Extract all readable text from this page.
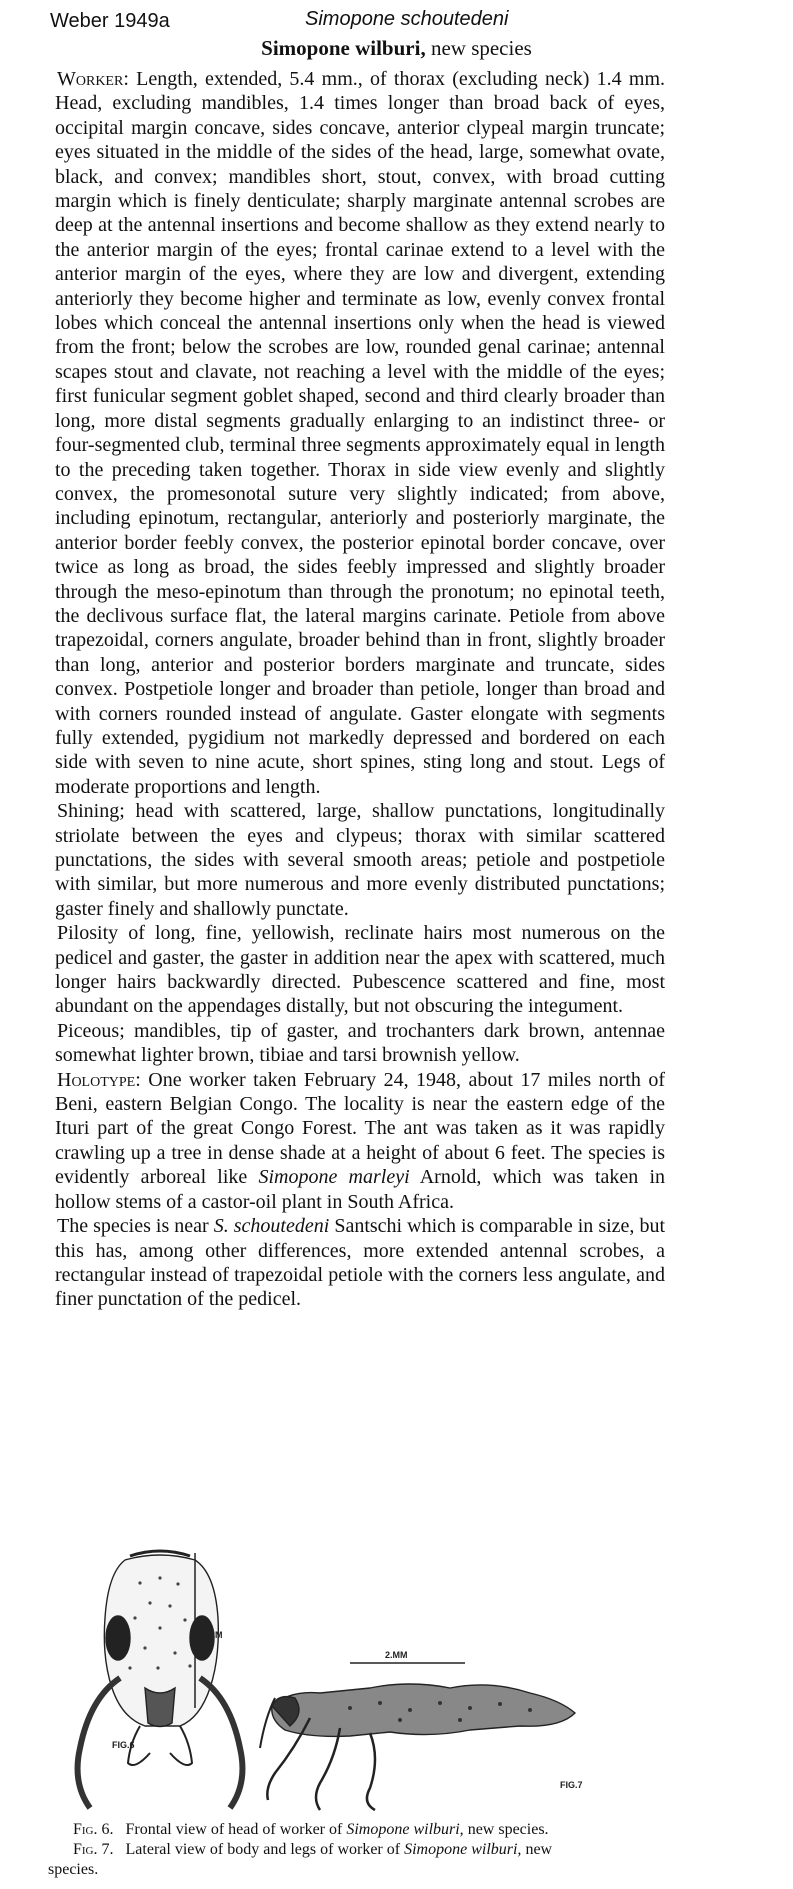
Weber 1949a	Simopone schoutedeni
Simopone wilburi, new species

Worker: Length, extended, 5.4 mm., of thorax (excluding neck) 1.4 mm. Head, excluding mandibles, 1.4 times longer than broad back of eyes, occipital margin concave, sides concave, anterior clypeal margin truncate; eyes situated in the middle of the sides of the head, large, somewhat ovate, black, and convex; mandibles short, stout, convex, with broad cutting margin which is finely denticulate; sharply marginate antennal scrobes are deep at the antennal insertions and become shallow as they extend nearly to the anterior margin of the eyes; frontal carinae extend to a level with the anterior margin of the eyes, where they are low and divergent, extending anteriorly they become higher and terminate as low, evenly convex frontal lobes which conceal the antennal insertions only when the head is viewed from the front; below the scrobes are low, rounded genal carinae; antennal scapes stout and clavate, not reaching a level with the middle of the eyes; first funicular segment goblet shaped, second and third clearly broader than long, more distal segments gradually enlarging to an indistinct three- or four-segmented club, terminal three segments approximately equal in length to the preceding taken together. Thorax in side view evenly and slightly convex, the promesonotal suture very slightly indicated; from above, including epinotum, rectangular, anteriorly and posteriorly marginate, the anterior border feebly convex, the posterior epinotal border concave, over twice as long as broad, the sides feebly impressed and slightly broader through the meso-epinotum than through the pronotum; no epinotal teeth, the declivous surface flat, the lateral margins carinate. Petiole from above trapezoidal, corners angulate, broader behind than in front, slightly broader than long, anterior and posterior borders marginate and truncate, sides convex. Postpetiole longer and broader than petiole, longer than broad and with corners rounded instead of angulate. Gaster elongate with segments fully extended, pygidium not markedly depressed and bordered on each side with seven to nine acute, short spines, sting long and stout. Legs of moderate proportions and length.

Shining; head with scattered, large, shallow punctations, longitudinally striolate between the eyes and clypeus; thorax with similar scattered punctations, the sides with several smooth areas; petiole and postpetiole with similar, but more numerous and more evenly distributed punctations; gaster finely and shallowly punctate.

Pilosity of long, fine, yellowish, reclinate hairs most numerous on the pedicel and gaster, the gaster in addition near the apex with scattered, much longer hairs backwardly directed. Pubescence scattered and fine, most abundant on the appendages distally, but not obscuring the integument.

Piceous; mandibles, tip of gaster, and trochanters dark brown, antennae somewhat lighter brown, tibiae and tarsi brownish yellow.

Holotype: One worker taken February 24, 1948, about 17 miles north of Beni, eastern Belgian Congo. The locality is near the eastern edge of the Ituri part of the great Congo Forest. The ant was taken as it was rapidly crawling up a tree in dense shade at a height of about 6 feet. The species is evidently arboreal like Simopone marleyi Arnold, which was taken in hollow stems of a castor-oil plant in South Africa.

The species is near S. schoutedeni Santschi which is comparable in size, but this has, among other differences, more extended antennal scrobes, a rectangular instead of trapezoidal petiole with the corners less angulate, and finer punctation of the pedicel.

FIG.6
1.MM
2.MM
FIG.7
Fig. 6. Frontal view of head of worker of Simopone wilburi, new species.
Fig. 7. Lateral view of body and legs of worker of Simopone wilburi, new
species.
